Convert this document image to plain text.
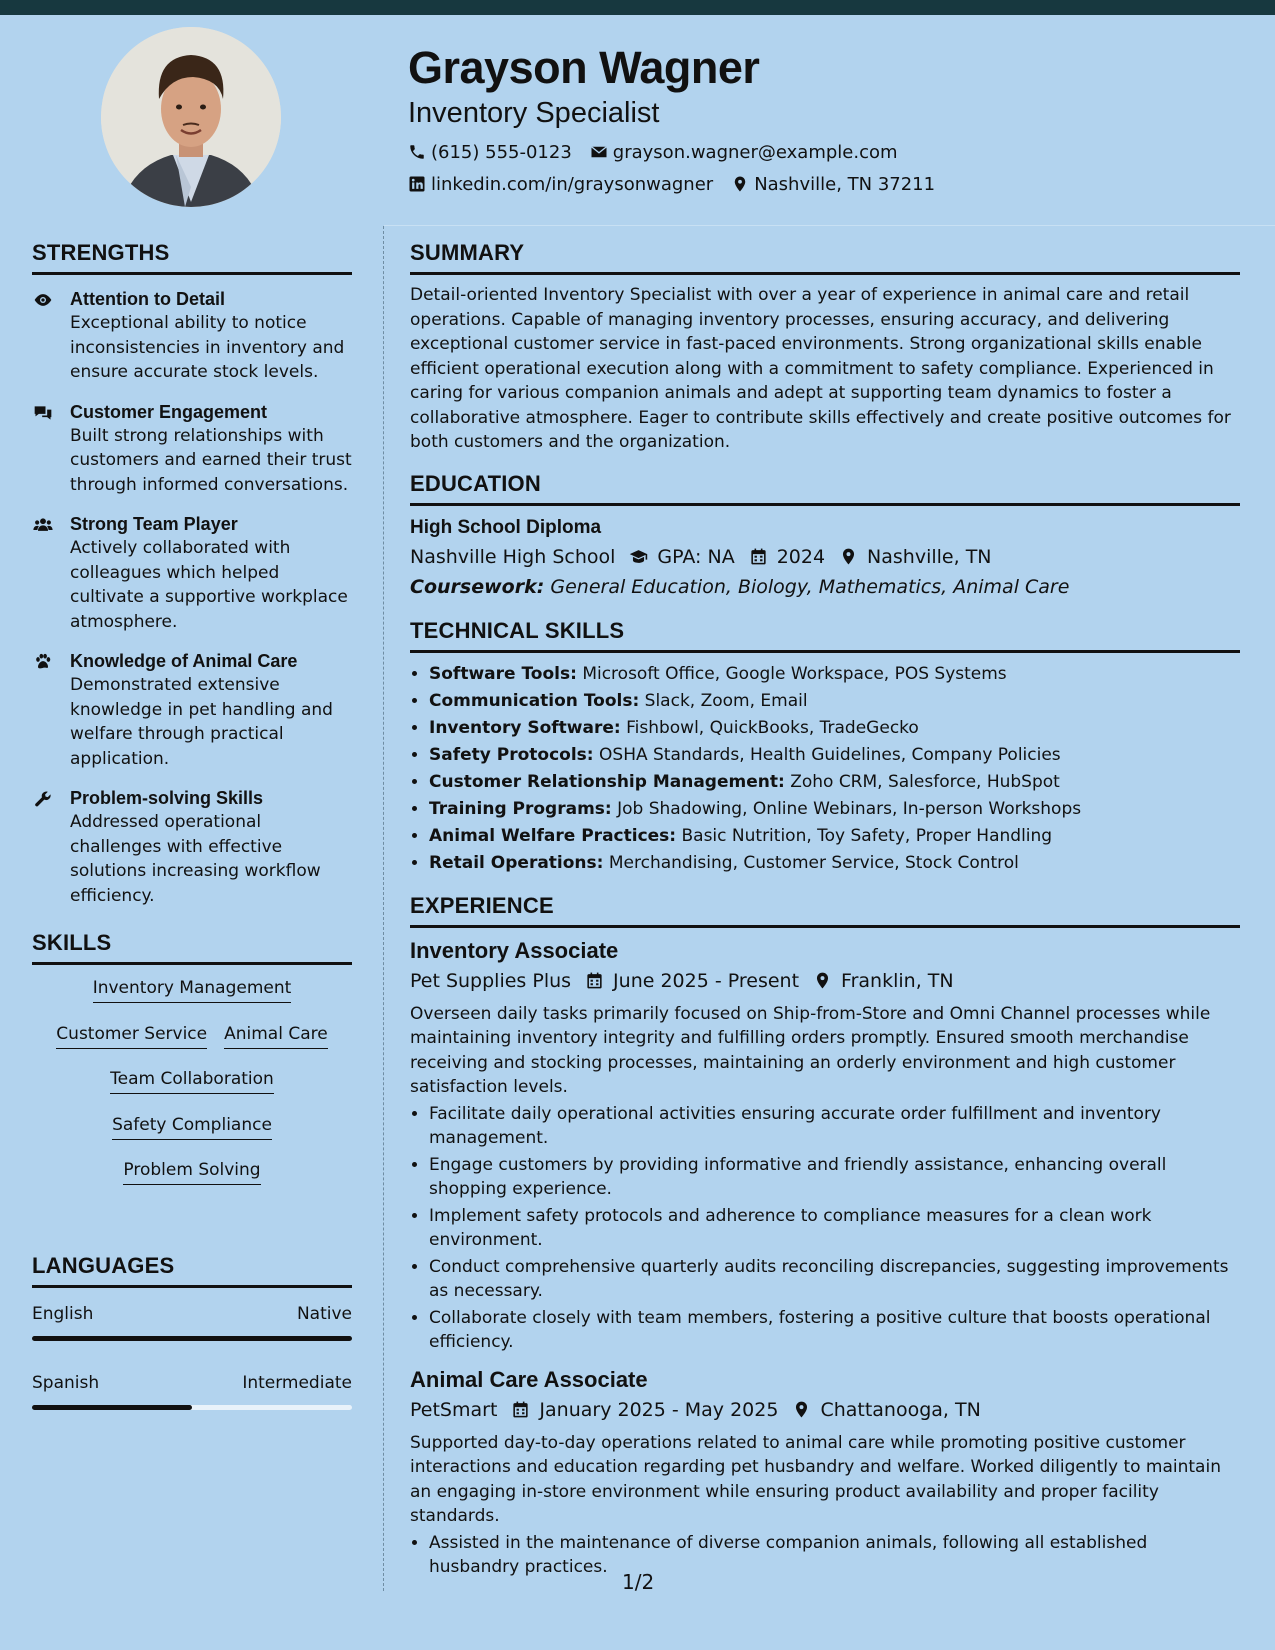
Grayson Wagner
Inventory Specialist
(615) 555-0123 grayson.wagner@example.com
linkedin.com/in/graysonwagner Nashville, TN 37211
STRENGTHS
Attention to Detail
Exceptional ability to notice inconsistencies in inventory and ensure accurate stock levels.
Customer Engagement
Built strong relationships with customers and earned their trust through informed conversations.
Strong Team Player
Actively collaborated with colleagues which helped cultivate a supportive workplace atmosphere.
Knowledge of Animal Care
Demonstrated extensive knowledge in pet handling and welfare through practical application.
Problem-solving Skills
Addressed operational challenges with effective solutions increasing workflow efficiency.
SKILLS
Inventory Management
Customer Service Animal Care
Team Collaboration
Safety Compliance
Problem Solving
LANGUAGES
English	Native
Spanish	Intermediate
SUMMARY

Detail-oriented Inventory Specialist with over a year of experience in animal care and retail operations. Capable of managing inventory processes, ensuring accuracy, and delivering exceptional customer service in fast-paced environments. Strong organizational skills enable efficient operational execution along with a commitment to safety compliance. Experienced in caring for various companion animals and adept at supporting team dynamics to foster a collaborative atmosphere. Eager to contribute skills effectively and create positive outcomes for both customers and the organization.

EDUCATION
High School Diploma
Nashville High School GPA: NA 2024 Nashville, TN
Coursework: General Education, Biology, Mathematics, Animal Care
TECHNICAL SKILLS
• Software Tools: Microsoft Office, Google Workspace, POS Systems
• Communication Tools: Slack, Zoom, Email
• Inventory Software: Fishbowl, QuickBooks, TradeGecko
• Safety Protocols: OSHA Standards, Health Guidelines, Company Policies
• Customer Relationship Management: Zoho CRM, Salesforce, HubSpot
• Training Programs: Job Shadowing, Online Webinars, In-person Workshops
• Animal Welfare Practices: Basic Nutrition, Toy Safety, Proper Handling
• Retail Operations: Merchandising, Customer Service, Stock Control
EXPERIENCE
Inventory Associate
Pet Supplies Plus June 2025 - Present Franklin, TN

Overseen daily tasks primarily focused on Ship-from-Store and Omni Channel processes while maintaining inventory integrity and fulfilling orders promptly. Ensured smooth merchandise receiving and stocking processes, maintaining an orderly environment and high customer satisfaction levels.

• Facilitate daily operational activities ensuring accurate order fulfillment and inventory management.
• Engage customers by providing informative and friendly assistance, enhancing overall shopping experience.
• Implement safety protocols and adherence to compliance measures for a clean work environment.
• Conduct comprehensive quarterly audits reconciling discrepancies, suggesting improvements as necessary.
• Collaborate closely with team members, fostering a positive culture that boosts operational efficiency.
Animal Care Associate
PetSmart January 2025 - May 2025 Chattanooga, TN

Supported day-to-day operations related to animal care while promoting positive customer interactions and education regarding pet husbandry and welfare. Worked diligently to maintain an engaging in-store environment while ensuring product availability and proper facility standards.

• Assisted in the maintenance of diverse companion animals, following all established husbandry practices.
1/2
